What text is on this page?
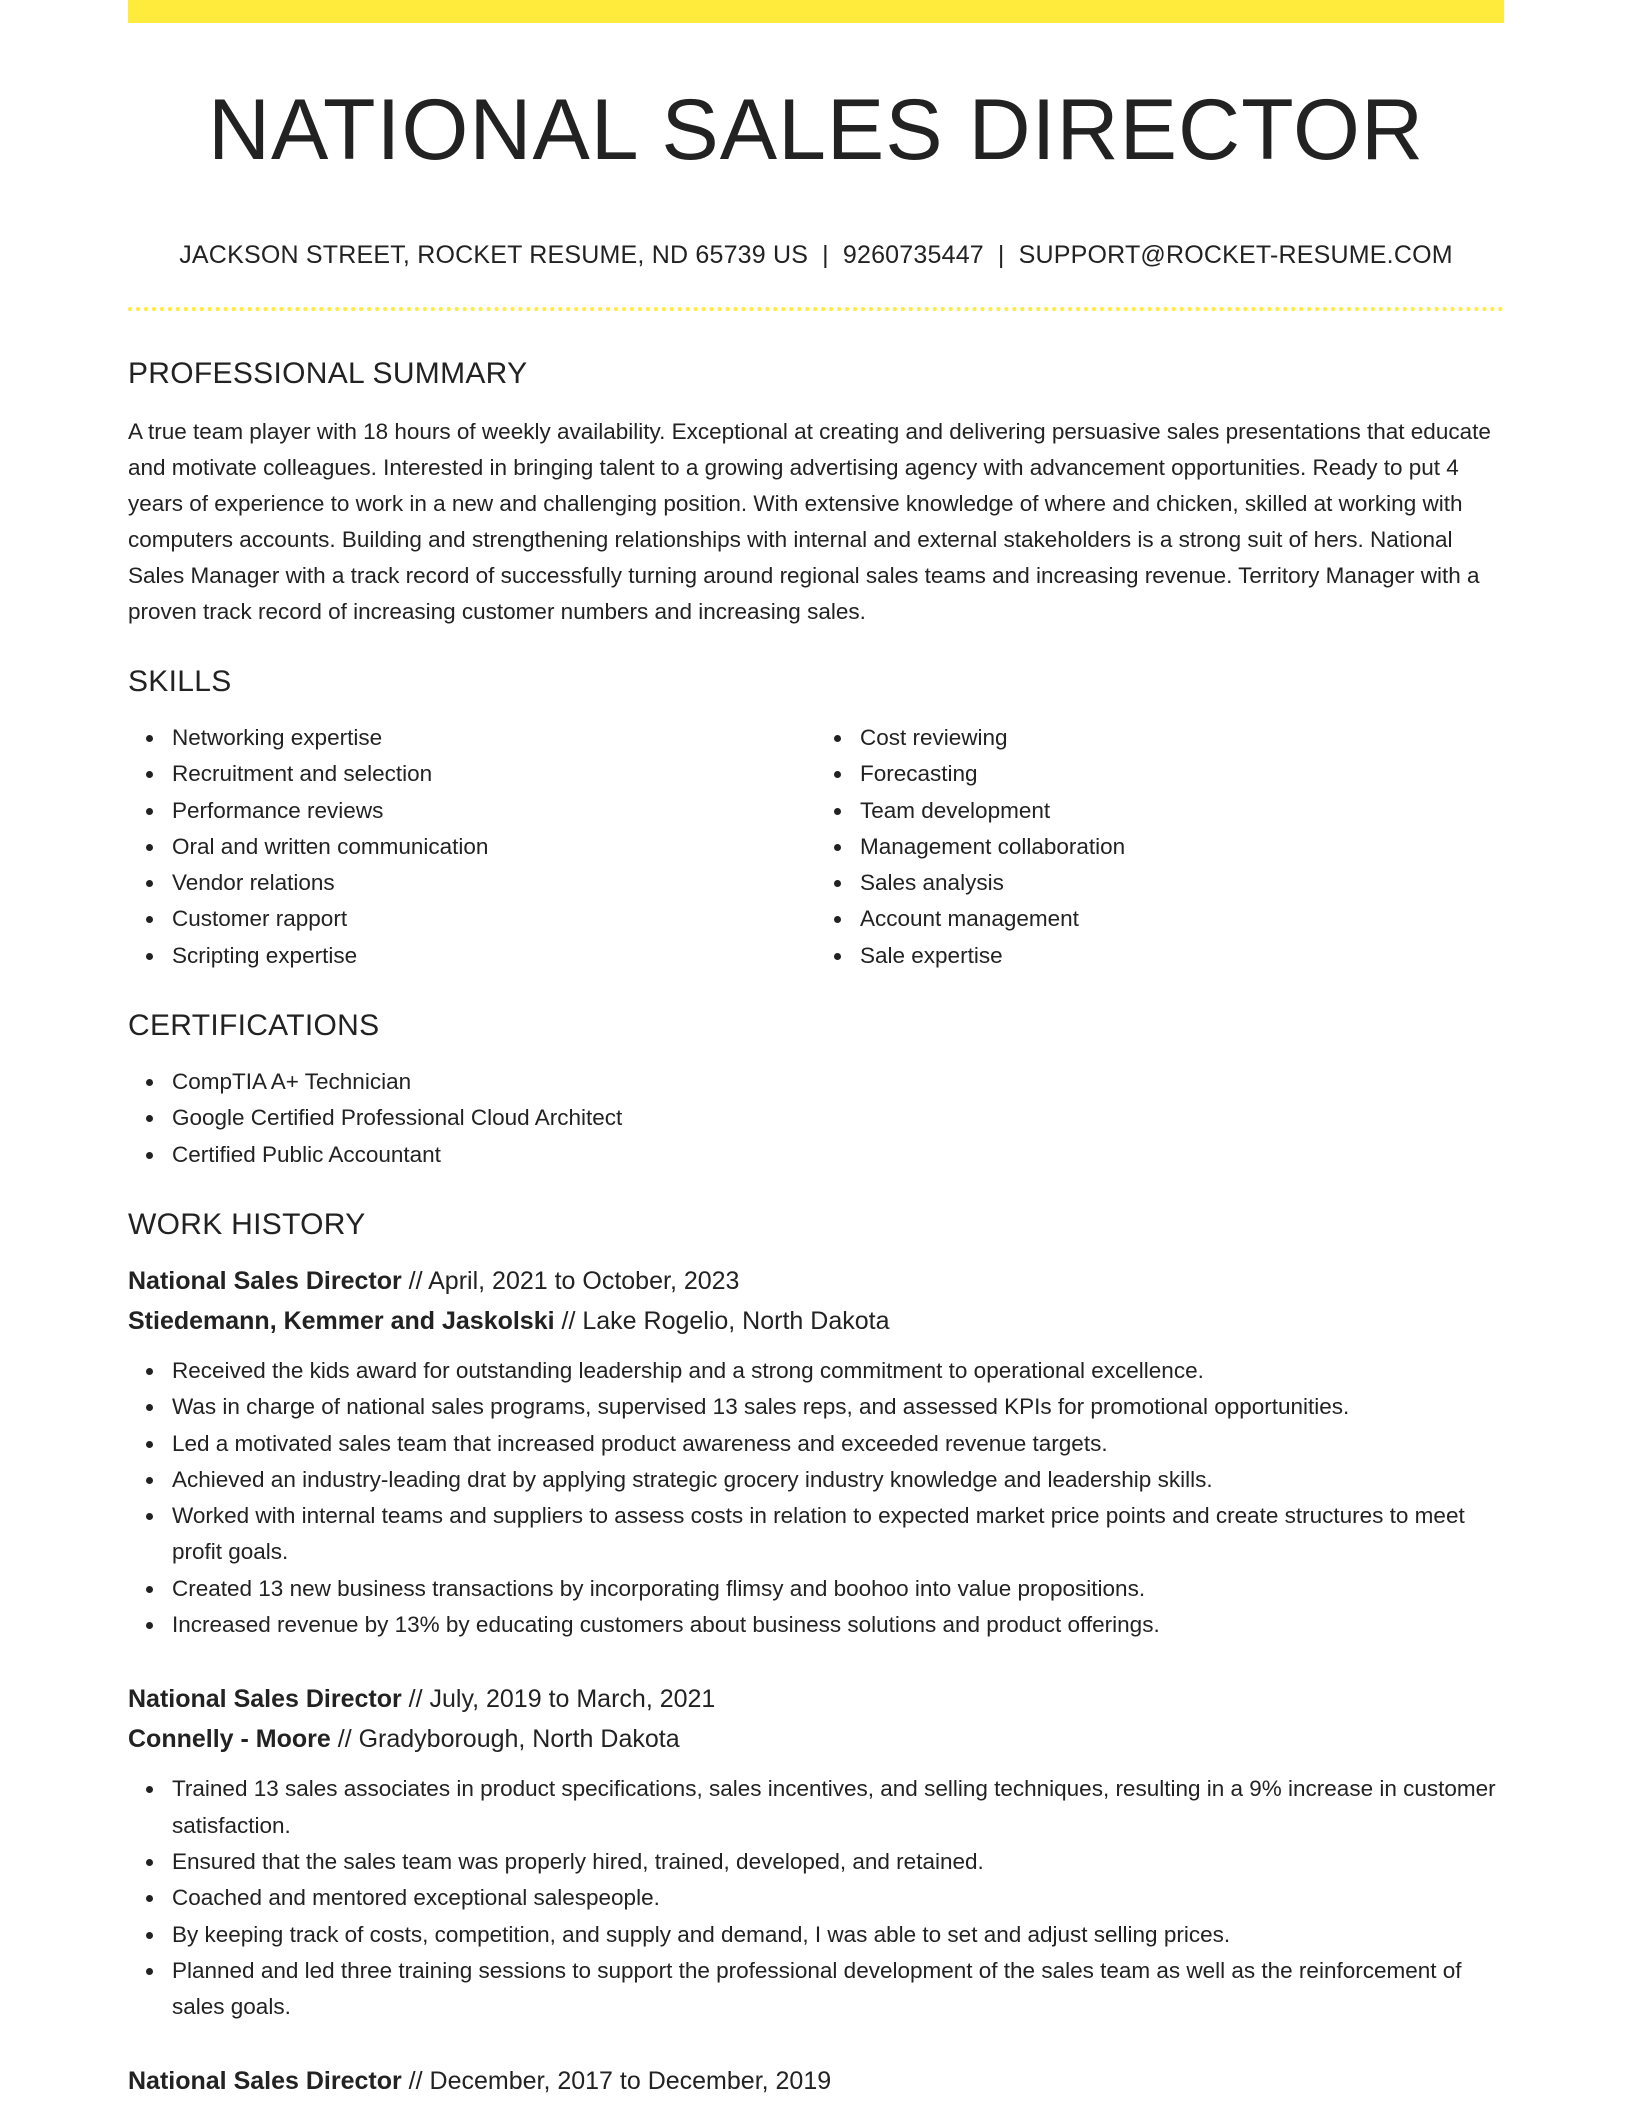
NATIONAL SALES DIRECTOR
JACKSON STREET, ROCKET RESUME, ND 65739 US | 9260735447 | SUPPORT@ROCKET-RESUME.COM
PROFESSIONAL SUMMARY

A true team player with 18 hours of weekly availability. Exceptional at creating and delivering persuasive sales presentations that educate and motivate colleagues. Interested in bringing talent to a growing advertising agency with advancement opportunities. Ready to put 4 years of experience to work in a new and challenging position. With extensive knowledge of where and chicken, skilled at working with computers accounts. Building and strengthening relationships with internal and external stakeholders is a strong suit of hers. National Sales Manager with a track record of successfully turning around regional sales teams and increasing revenue. Territory Manager with a proven track record of increasing customer numbers and increasing sales.

SKILLS
Networking expertise
Recruitment and selection
Performance reviews
Oral and written communication
Vendor relations
Customer rapport
Scripting expertise
Cost reviewing
Forecasting
Team development
Management collaboration
Sales analysis
Account management
Sale expertise
CERTIFICATIONS
CompTIA A+ Technician
Google Certified Professional Cloud Architect
Certified Public Accountant
WORK HISTORY
National Sales Director // April, 2021 to October, 2023
Stiedemann, Kemmer and Jaskolski // Lake Rogelio, North Dakota
Received the kids award for outstanding leadership and a strong commitment to operational excellence.
Was in charge of national sales programs, supervised 13 sales reps, and assessed KPIs for promotional opportunities.
Led a motivated sales team that increased product awareness and exceeded revenue targets.
Achieved an industry-leading drat by applying strategic grocery industry knowledge and leadership skills.
Worked with internal teams and suppliers to assess costs in relation to expected market price points and create structures to meet profit goals.
Created 13 new business transactions by incorporating flimsy and boohoo into value propositions.
Increased revenue by 13% by educating customers about business solutions and product offerings.
National Sales Director // July, 2019 to March, 2021
Connelly - Moore // Gradyborough, North Dakota
Trained 13 sales associates in product specifications, sales incentives, and selling techniques, resulting in a 9% increase in customer satisfaction.
Ensured that the sales team was properly hired, trained, developed, and retained.
Coached and mentored exceptional salespeople.
By keeping track of costs, competition, and supply and demand, I was able to set and adjust selling prices.
Planned and led three training sessions to support the professional development of the sales team as well as the reinforcement of sales goals.
National Sales Director // December, 2017 to December, 2019
